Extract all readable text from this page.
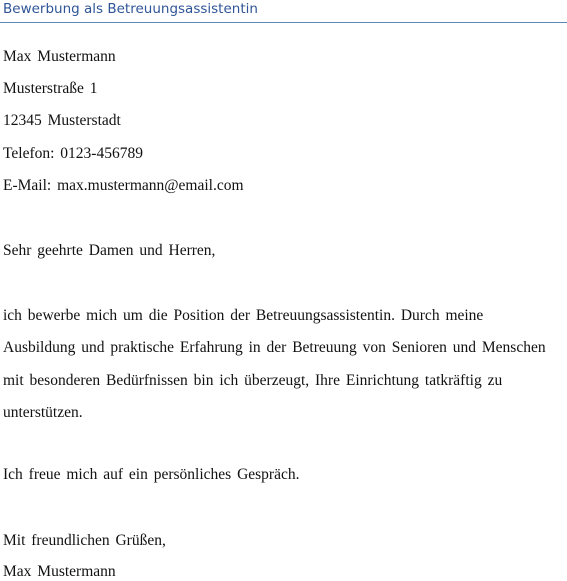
Bewerbung als Betreuungsassistentin
Max Mustermann
Musterstraße 1
12345 Musterstadt
Telefon: 0123-456789
E-Mail: max.mustermann@email.com
Sehr geehrte Damen und Herren,

ich bewerbe mich um die Position der Betreuungsassistentin. Durch meine Ausbildung und praktische Erfahrung in der Betreuung von Senioren und Menschen mit besonderen Bedürfnissen bin ich überzeugt, Ihre Einrichtung tatkräftig zu unterstützen.

Ich freue mich auf ein persönliches Gespräch.
Mit freundlichen Grüßen,
Max Mustermann
